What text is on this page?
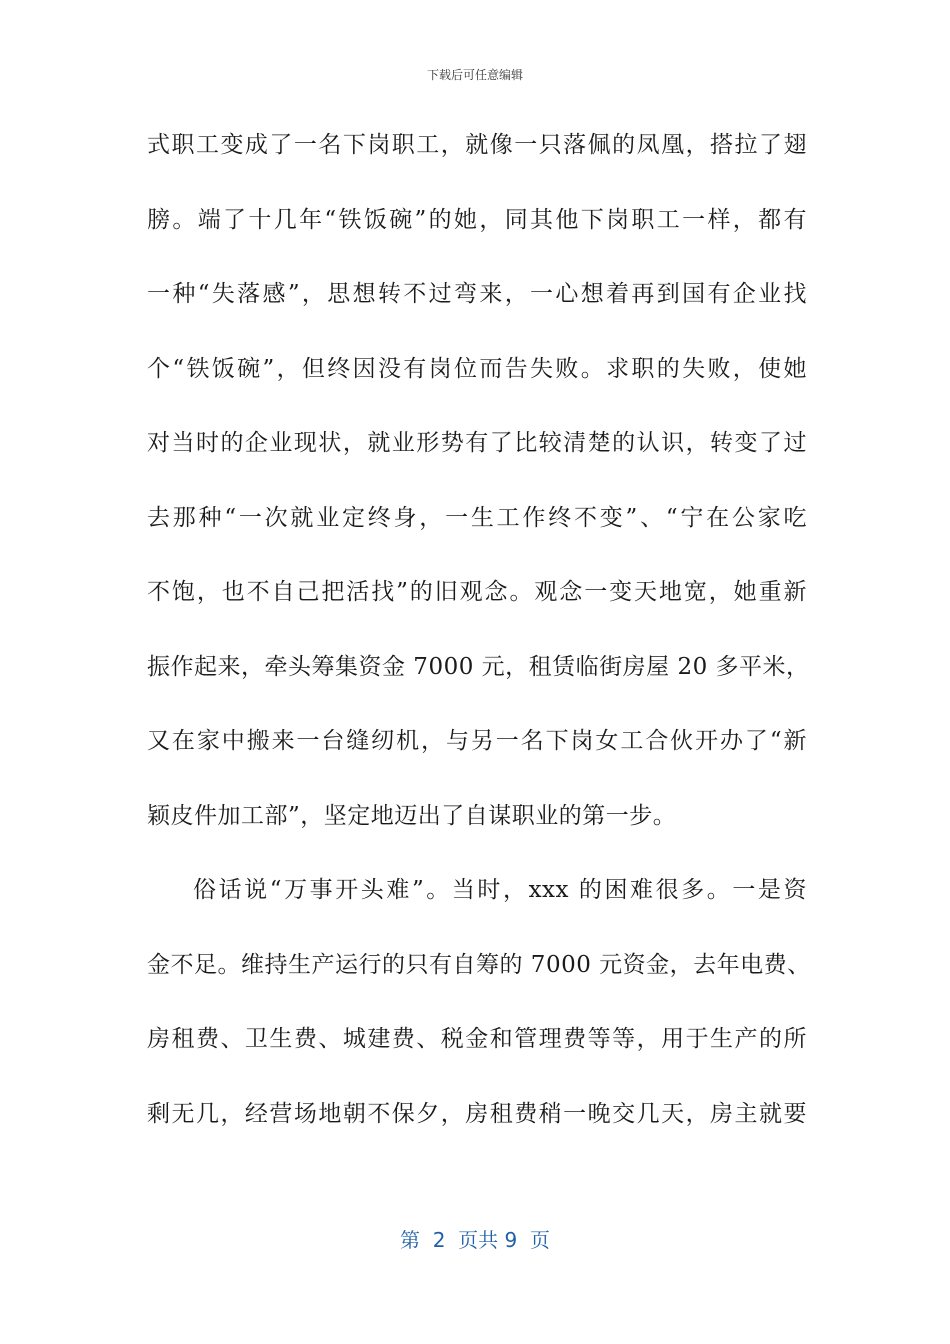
下载后可任意编辑
式职工变成了一名下岗职工，就像一只落佩的凤凰，搭拉了翅
膀。端了十几年“铁饭碗”的她，同其他下岗职工一样，都有
一种“失落感”，思想转不过弯来，一心想着再到国有企业找
个“铁饭碗”，但终因没有岗位而告失败。求职的失败，使她
对当时的企业现状，就业形势有了比较清楚的认识，转变了过
去那种“一次就业定终身，一生工作终不变”、“宁在公家吃
不饱，也不自己把活找”的旧观念。观念一变天地宽，她重新
振作起来，牵头筹集资金 7000 元，租赁临街房屋 20 多平米，
又在家中搬来一台缝纫机，与另一名下岗女工合伙开办了“新
颖皮件加工部”，坚定地迈出了自谋职业的第一步。
俗话说“万事开头难”。当时，xxx 的困难很多。一是资
金不足。维持生产运行的只有自筹的 7000 元资金，去年电费、
房租费、卫生费、城建费、税金和管理费等等，用于生产的所
剩无几，经营场地朝不保夕，房租费稍一晚交几天，房主就要
第  2  页共 9  页
